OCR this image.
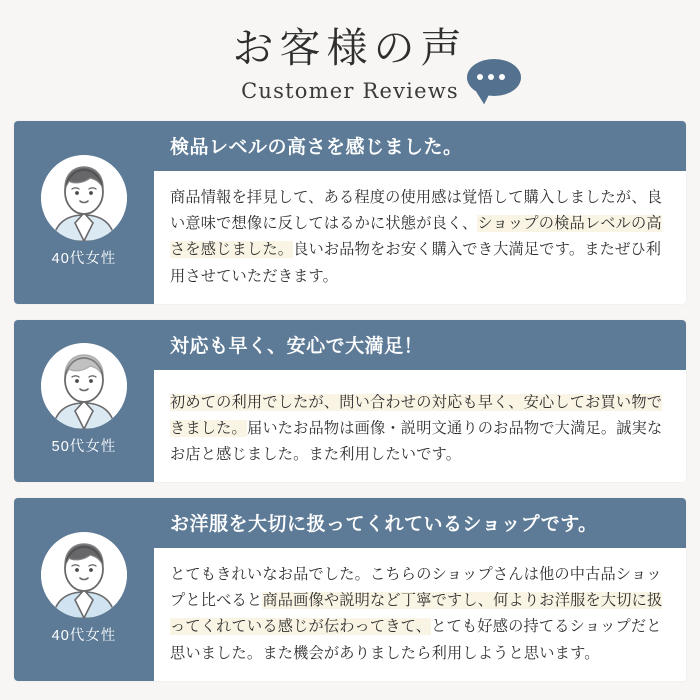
お客様の声
Customer Reviews
40代女性
検品レベルの高さを感じました。
商品情報を拝見して、ある程度の使用感は覚悟して購入しましたが、良い意味で想像に反してはるかに状態が良く、ショップの検品レベルの高さを感じました。良いお品物をお安く購入でき大満足です。またぜひ利用させていただきます。
50代女性
対応も早く、安心で大満足！
初めての利用でしたが、問い合わせの対応も早く、安心してお買い物できました。届いたお品物は画像・説明文通りのお品物で大満足。誠実なお店と感じました。また利用したいです。
40代女性
お洋服を大切に扱ってくれているショップです。
とてもきれいなお品でした。こちらのショップさんは他の中古品ショップと比べると商品画像や説明など丁寧ですし、何よりお洋服を大切に扱ってくれている感じが伝わってきて、とても好感の持てるショップだと思いました。また機会がありましたら利用しようと思います。
